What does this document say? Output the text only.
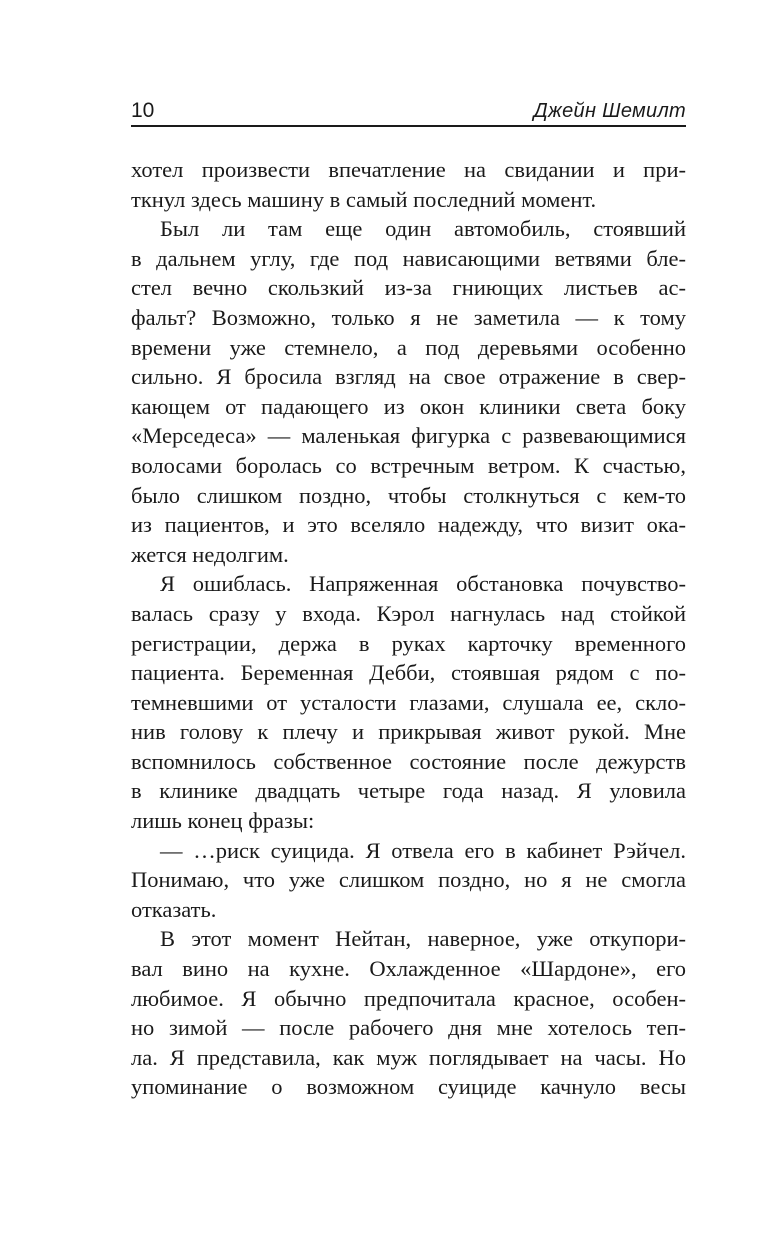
10	Джейн Шемилт
хотел произвести впечатление на свидании и при-
ткнул здесь машину в самый последний момент.
Был ли там еще один автомобиль, стоявший
в дальнем углу, где под нависающими ветвями бле-
стел вечно скользкий из-за гниющих листьев ас-
фальт? Возможно, только я не заметила — к тому
времени уже стемнело, а под деревьями особенно
сильно. Я бросила взгляд на свое отражение в свер-
кающем от падающего из окон клиники света боку
«Мерседеса» — маленькая фигурка с развевающимися
волосами боролась со встречным ветром. К счастью,
было слишком поздно, чтобы столкнуться с кем-то
из пациентов, и это вселяло надежду, что визит ока-
жется недолгим.
Я ошиблась. Напряженная обстановка почувство-
валась сразу у входа. Кэрол нагнулась над стойкой
регистрации, держа в руках карточку временного
пациента. Беременная Дебби, стоявшая рядом с по-
темневшими от усталости глазами, слушала ее, скло-
нив голову к плечу и прикрывая живот рукой. Мне
вспомнилось собственное состояние после дежурств
в клинике двадцать четыре года назад. Я уловила
лишь конец фразы:
— …риск суицида. Я отвела его в кабинет Рэйчел.
Понимаю, что уже слишком поздно, но я не смогла
отказать.
В этот момент Нейтан, наверное, уже откупори-
вал вино на кухне. Охлажденное «Шардоне», его
любимое. Я обычно предпочитала красное, особен-
но зимой — после рабочего дня мне хотелось теп-
ла. Я представила, как муж поглядывает на часы. Но
упоминание о возможном суициде качнуло весы
